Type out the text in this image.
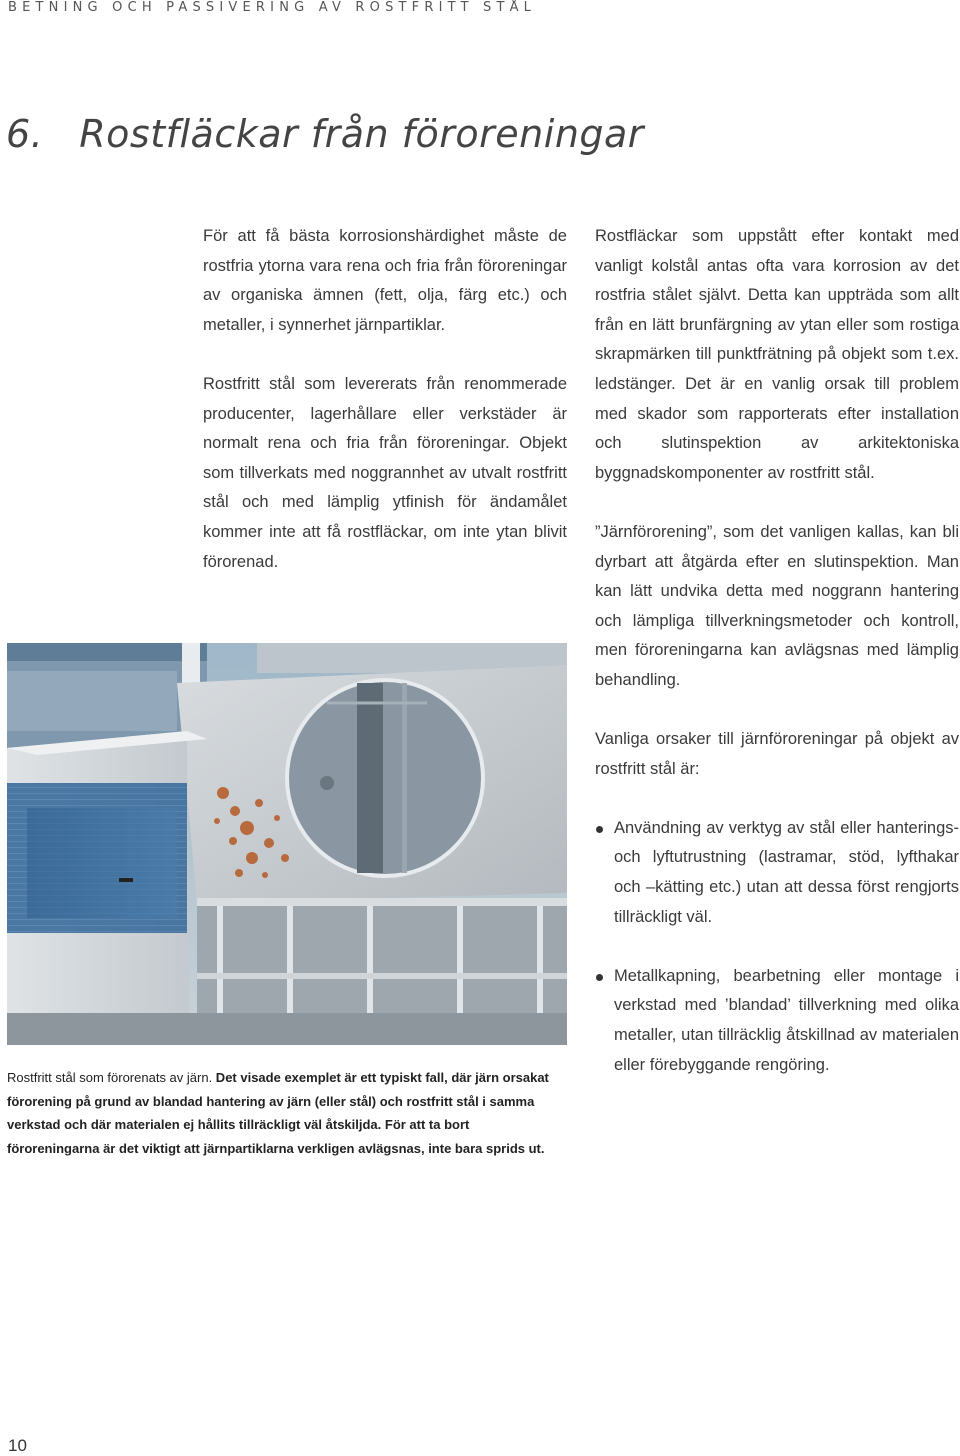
BETNING OCH PASSIVERING AV ROSTFRITT STÅL
6. Rostfläckar från föroreningar

För att få bästa korrosionshärdighet måste de rostfria ytorna vara rena och fria från föroreningar av organiska ämnen (fett, olja, färg etc.) och metaller, i synnerhet järnpartiklar.

Rostfritt stål som levererats från renommerade producenter, lagerhållare eller verkstäder är normalt rena och fria från föroreningar. Objekt som tillverkats med noggrannhet av utvalt rostfritt stål och med lämplig ytfinish för ändamålet kommer inte att få rostfläckar, om inte ytan blivit förorenad.

Rostfläckar som uppstått efter kontakt med vanligt kolstål antas ofta vara korrosion av det rostfria stålet självt. Detta kan uppträda som allt från en lätt brunfärgning av ytan eller som rostiga skrapmärken till punktfrätning på objekt som t.ex. ledstänger. Det är en vanlig orsak till problem med skador som rapporterats efter installation och slutinspektion av arkitektoniska byggnadskomponenter av rostfritt stål.

”Järnförorening”, som det vanligen kallas, kan bli dyrbart att åtgärda efter en slutinspektion. Man kan lätt undvika detta med noggrann hantering och lämpliga tillverkningsmetoder och kontroll, men föroreningarna kan avlägsnas med lämplig behandling.

Vanliga orsaker till järnföroreningar på objekt av rostfritt stål är:

Användning av verktyg av stål eller hanterings- och lyftutrustning (lastramar, stöd, lyfthakar och –kätting etc.) utan att dessa först rengjorts tillräckligt väl.
Metallkapning, bearbetning eller montage i verkstad med ’blandad’ tillverkning med olika metaller, utan tillräcklig åtskillnad av materialen eller förebyggande rengöring.
Rostfritt stål som förorenats av järn. Det visade exemplet är ett typiskt fall, där järn orsakat förorening på grund av blandad hantering av järn (eller stål) och rostfritt stål i samma verkstad och där materialen ej hållits tillräckligt väl åtskiljda. För att ta bort föroreningarna är det viktigt att järnpartiklarna verkligen avlägsnas, inte bara sprids ut.
10
